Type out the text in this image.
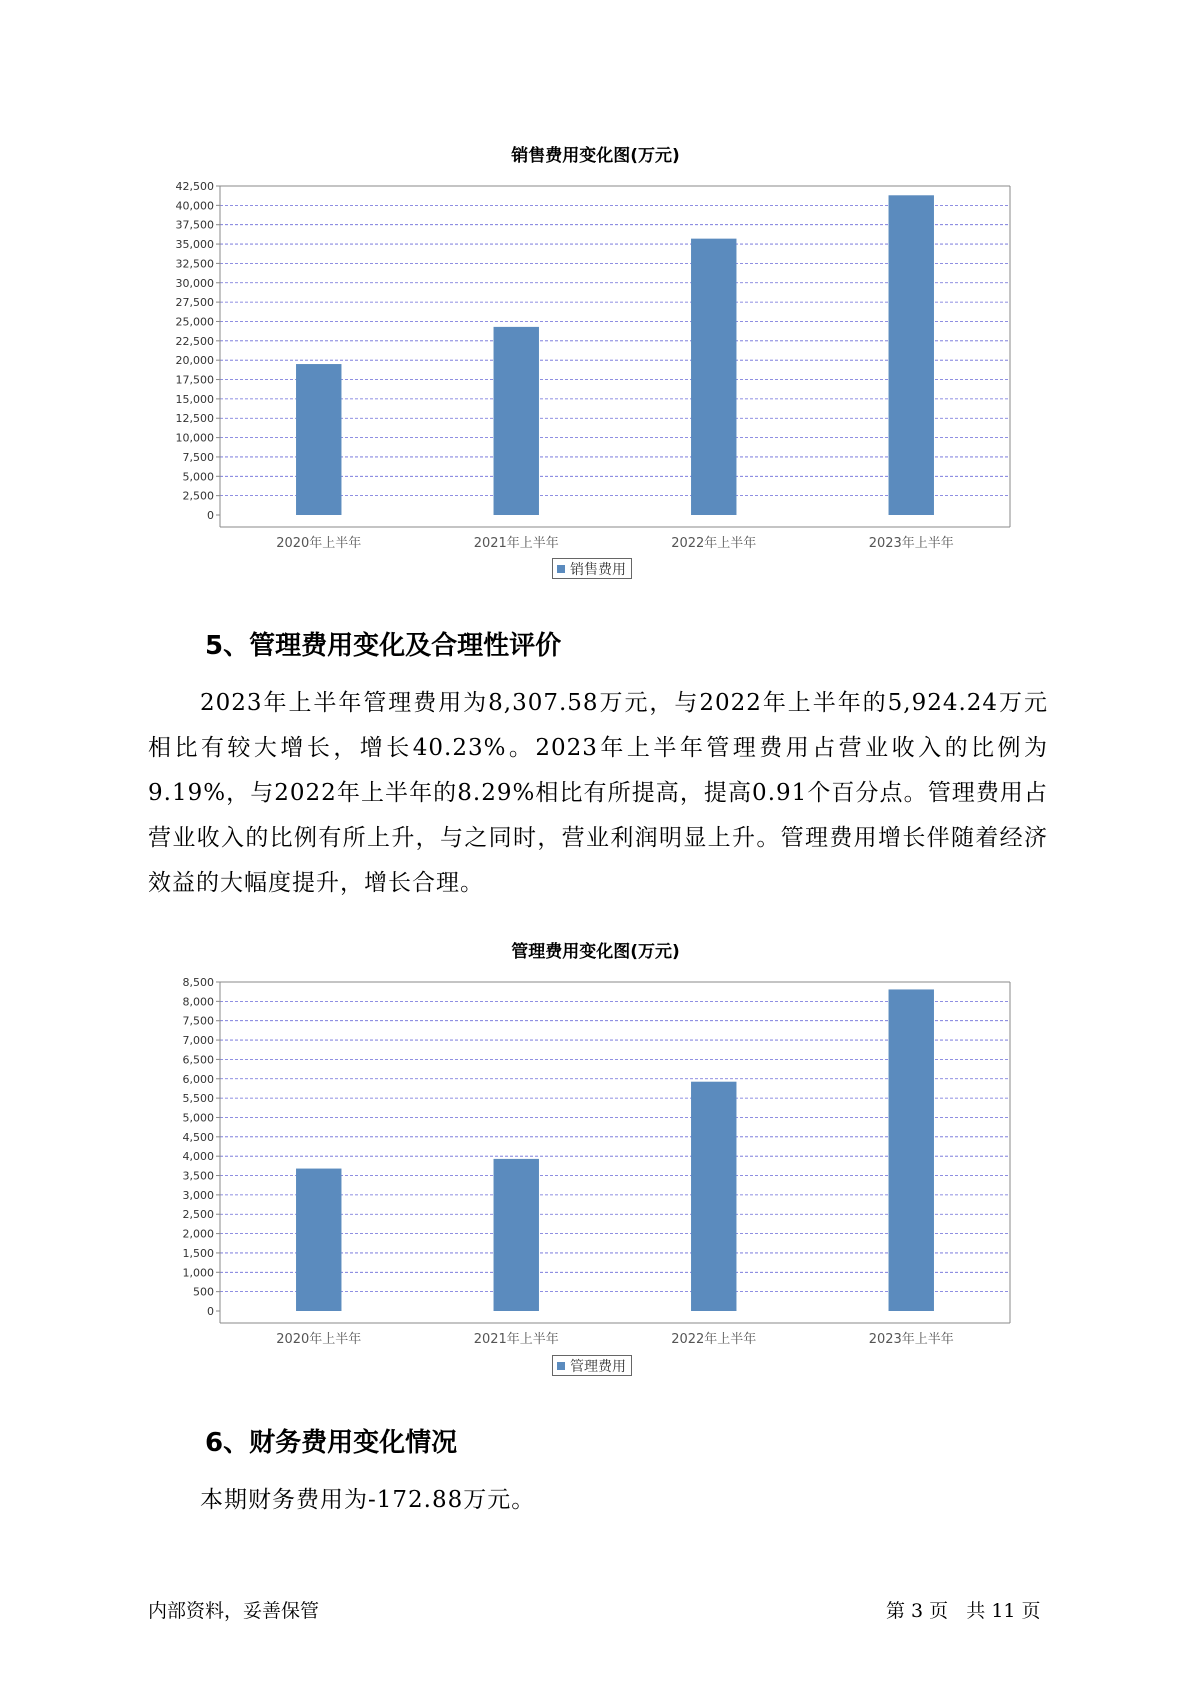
销售费用变化图(万元)
0
2,500
5,000
7,500
10,000
12,500
15,000
17,500
20,000
22,500
25,000
27,500
30,000
32,500
35,000
37,500
40,000
42,500
2020年上半年	2021年上半年	2022年上半年	2023年上半年
销售费用
5、管理费用变化及合理性评价
2023年上半年管理费用为8,307.58万元，与2022年上半年的5,924.24万元相比有较大增长，增长40.23%。2023年上半年管理费用占营业收入的比例为9.19%，与2022年上半年的8.29%相比有所提高，提高0.91个百分点。管理费用占营业收入的比例有所上升，与之同时，营业利润明显上升。管理费用增长伴随着经济效益的大幅度提升，增长合理。
管理费用变化图(万元)
0
500
1,000
1,500
2,000
2,500
3,000
3,500
4,000
4,500
5,000
5,500
6,000
6,500
7,000
7,500
8,000
8,500
2020年上半年	2021年上半年	2022年上半年	2023年上半年
管理费用
6、财务费用变化情况
本期财务费用为-172.88万元。
内部资料，妥善保管	第 3 页   共 11 页
